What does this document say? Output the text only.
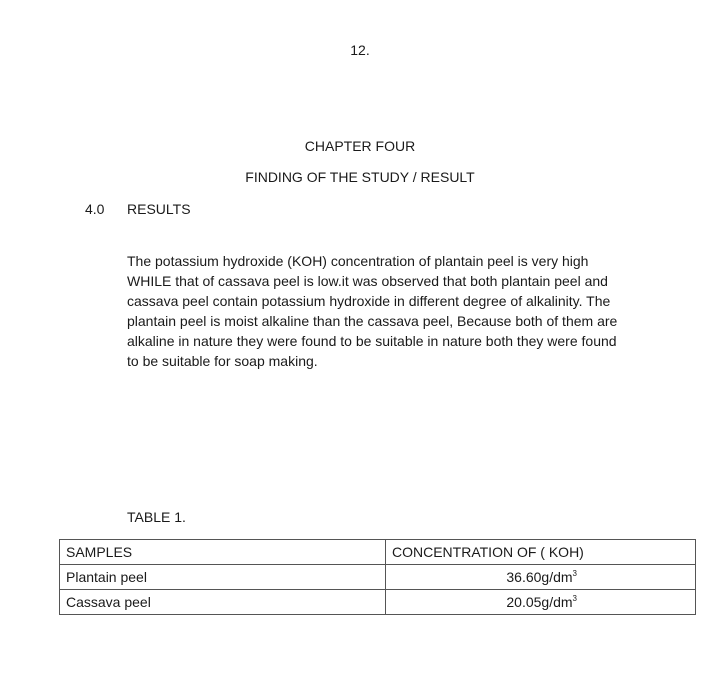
12.
CHAPTER FOUR
FINDING OF THE STUDY / RESULT
4.0 RESULTS

The potassium hydroxide (KOH) concentration of plantain peel is very high WHILE that of cassava peel is low.it was observed that both plantain peel and cassava peel contain potassium hydroxide in different degree of alkalinity. The plantain peel is moist alkaline than the cassava peel, Because both of them are alkaline in nature they were found to be suitable in nature both they were found to be suitable for soap making.

TABLE 1.
SAMPLES	CONCENTRATION OF ( KOH)
Plantain peel	$36.60g/dm^3$
Cassava peel	$20.05g/dm^3$
